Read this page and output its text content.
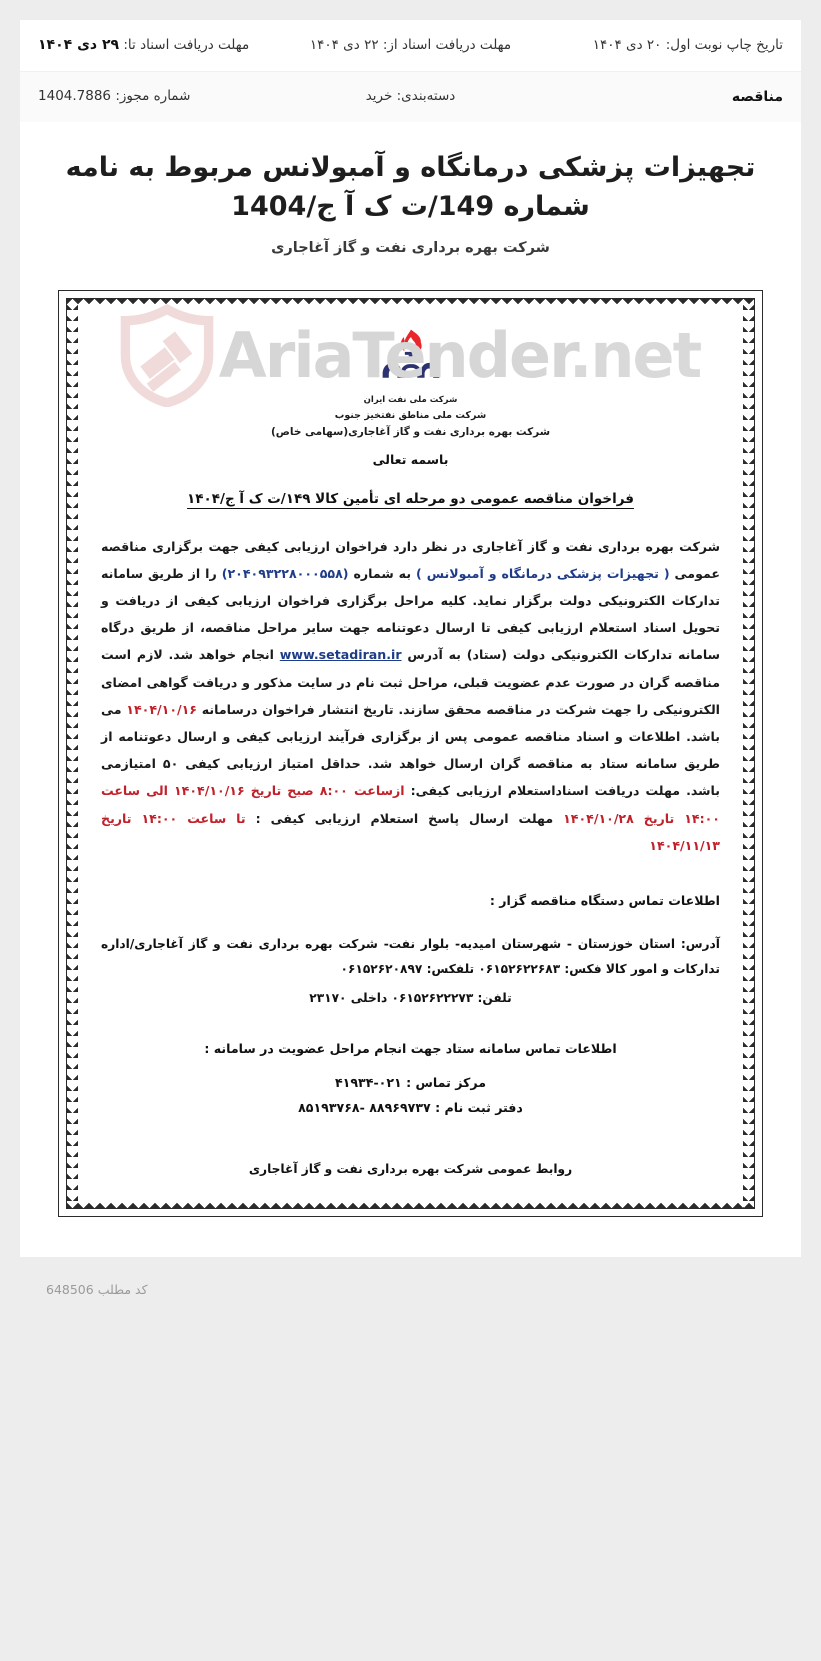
تاریخ چاپ نوبت اول: ۲۰ دی ۱۴۰۴
مهلت دریافت اسناد از: ۲۲ دی ۱۴۰۴
مهلت دریافت اسناد تا: ۲۹ دی ۱۴۰۴
مناقصه
دسته‌بندی: خرید
شماره مجوز: 1404.7886
تجهیزات پزشکی درمانگاه و آمبولانس مربوط به نامه شماره 149/ت ک آ ج/1404

شرکت بهره برداری نفت و گاز آغاجاری

AriaTender.net

شرکت ملی نفت ایران

شرکت ملی مناطق نفتخیز جنوب

شرکت بهره برداری نفت و گاز آغاجاری(سهامی خاص)

باسمه تعالی

فراخوان مناقصه عمومی دو مرحله ای تأمین کالا ۱۴۹/ت ک آ ج/۱۴۰۴

شرکت بهره برداری نفت و گاز آغاجاری در نظر دارد فراخوان ارزیابی کیفی جهت برگزاری مناقصه عمومی ( تجهیزات پزشکی درمانگاه و آمبولانس ) به شماره (۲۰۴۰۹۳۲۲۸۰۰۰۵۵۸) را از طریق سامانه تدارکات الکترونیکی دولت برگزار نماید. کلیه مراحل برگزاری فراخوان ارزیابی کیفی از دریافت و تحویل اسناد استعلام ارزیابی کیفی تا ارسال دعوتنامه جهت سایر مراحل مناقصه، از طریق درگاه سامانه تدارکات الکترونیکی دولت (ستاد) به آدرس www.setadiran.ir انجام خواهد شد. لازم است مناقصه گران در صورت عدم عضویت قبلی، مراحل ثبت نام در سایت مذکور و دریافت گواهی امضای الکترونیکی را جهت شرکت در مناقصه محقق سازند. تاریخ انتشار فراخوان درسامانه ۱۴۰۴/۱۰/۱۶ می باشد. اطلاعات و اسناد مناقصه عمومی پس از برگزاری فرآیند ارزیابی کیفی و ارسال دعوتنامه از طریق سامانه ستاد به مناقصه گران ارسال خواهد شد. حداقل امتیاز ارزیابی کیفی ۵۰ امتیازمی باشد. مهلت دریافت اسناداستعلام ارزیابی کیفی: ازساعت ۸:۰۰ صبح تاریخ ۱۴۰۴/۱۰/۱۶ الی ساعت ۱۴:۰۰ تاریخ ۱۴۰۴/۱۰/۲۸ مهلت ارسال پاسخ استعلام ارزیابی کیفی : تا ساعت ۱۴:۰۰ تاریخ ۱۴۰۴/۱۱/۱۳

اطلاعات تماس دستگاه مناقصه گزار :

آدرس: استان خوزستان - شهرستان امیدیه- بلوار نفت- شرکت بهره برداری نفت و گاز آغاجاری/اداره تدارکات و امور کالا فکس: ۰۶۱۵۲۶۲۲۶۸۳ تلفکس: ۰۶۱۵۲۶۲۰۸۹۷

تلفن: ۰۶۱۵۲۶۲۲۲۷۳ داخلی ۲۳۱۷۰

اطلاعات تماس سامانه ستاد جهت انجام مراحل عضویت در سامانه :

مرکز تماس : ۰۲۱-۴۱۹۳۴

دفتر ثبت نام : ۸۸۹۶۹۷۳۷ -۸۵۱۹۳۷۶۸

روابط عمومی شرکت بهره برداری نفت و گاز آغاجاری
کد مطلب 648506
